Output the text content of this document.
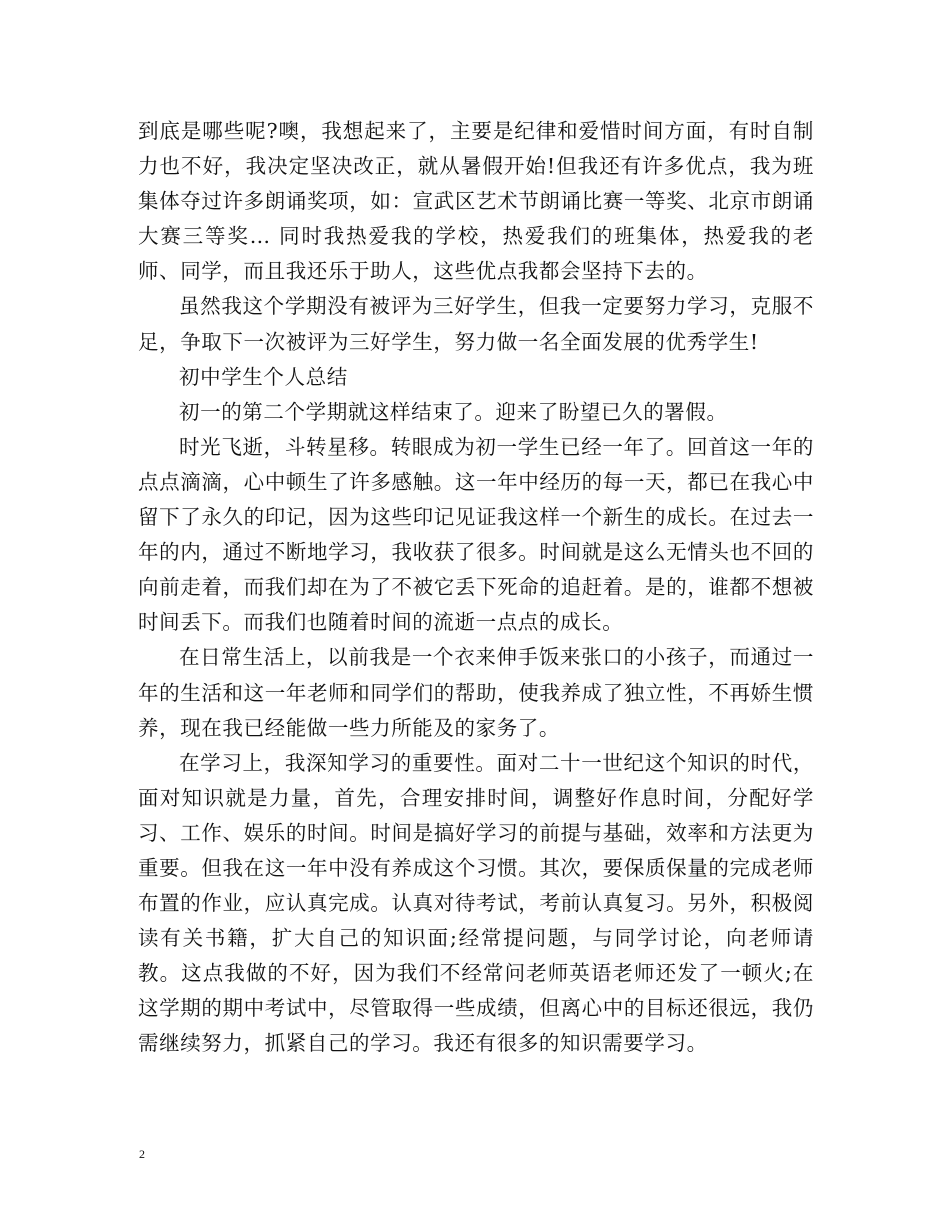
到底是哪些呢?噢，我想起来了，主要是纪律和爱惜时间方面，有时自制力也不好，我决定坚决改正，就从暑假开始!但我还有许多优点，我为班集体夺过许多朗诵奖项，如：宣武区艺术节朗诵比赛一等奖、北京市朗诵大赛三等奖… 同时我热爱我的学校，热爱我们的班集体，热爱我的老师、同学，而且我还乐于助人，这些优点我都会坚持下去的。

虽然我这个学期没有被评为三好学生，但我一定要努力学习，克服不足，争取下一次被评为三好学生，努力做一名全面发展的优秀学生!

初中学生个人总结

初一的第二个学期就这样结束了。迎来了盼望已久的署假。

时光飞逝，斗转星移。转眼成为初一学生已经一年了。回首这一年的点点滴滴，心中顿生了许多感触。这一年中经历的每一天，都已在我心中留下了永久的印记，因为这些印记见证我这样一个新生的成长。在过去一年的内，通过不断地学习，我收获了很多。时间就是这么无情头也不回的向前走着，而我们却在为了不被它丢下死命的追赶着。是的，谁都不想被时间丢下。而我们也随着时间的流逝一点点的成长。

在日常生活上，以前我是一个衣来伸手饭来张口的小孩子，而通过一年的生活和这一年老师和同学们的帮助，使我养成了独立性，不再娇生惯养，现在我已经能做一些力所能及的家务了。

在学习上，我深知学习的重要性。面对二十一世纪这个知识的时代，面对知识就是力量，首先，合理安排时间，调整好作息时间，分配好学习、工作、娱乐的时间。时间是搞好学习的前提与基础，效率和方法更为重要。但我在这一年中没有养成这个习惯。其次，要保质保量的完成老师布置的作业，应认真完成。认真对待考试，考前认真复习。另外，积极阅读有关书籍，扩大自己的知识面;经常提问题，与同学讨论，向老师请教。这点我做的不好，因为我们不经常问老师英语老师还发了一顿火;在这学期的期中考试中，尽管取得一些成绩，但离心中的目标还很远，我仍需继续努力，抓紧自己的学习。我还有很多的知识需要学习。

2
